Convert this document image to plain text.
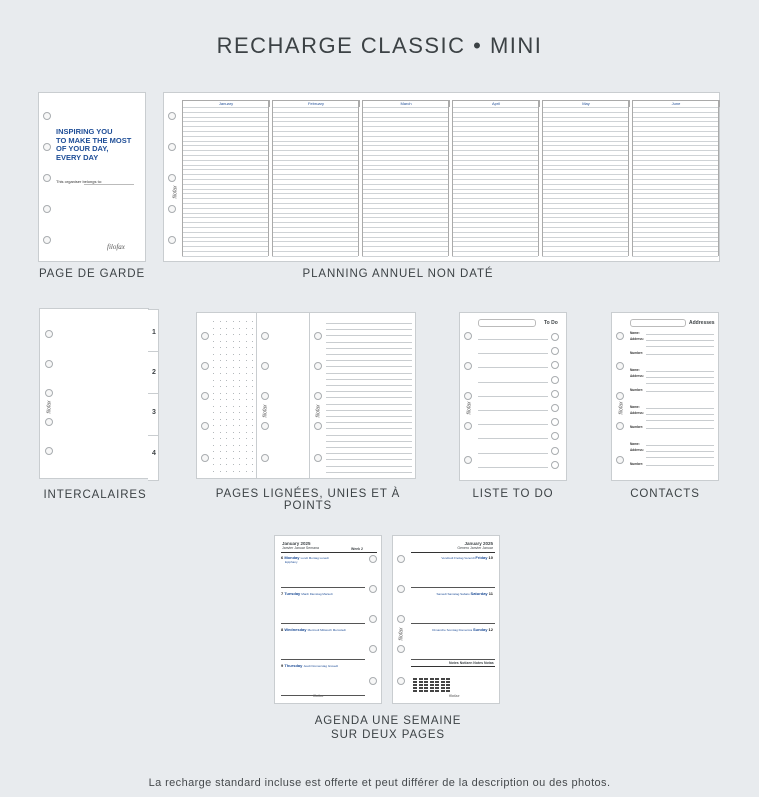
RECHARGE CLASSIC • MINI
INSPIRING YOU
TO MAKE THE MOST
OF YOUR DAY,
EVERY DAY
This organiser belongs to:
filofax
PAGE DE GARDE
filofax
January	February	March	April	May	June
PLANNING ANNUEL NON DATÉ
filofax
1
2
3
4
INTERCALAIRES
filofax	filofax
PAGES LIGNÉES, UNIES ET À POINTS
To Do
filofax
LISTE TO DO
Addresses
filofax
Name:
Address:
Number:
Name:
Address:
Number:
Name:
Address:
Number:
Name:
Address:
Number:
CONTACTS
January 2025
Janvier Januar Semana	Week 2
6 Monday Lundi Montag Lunedì
Epiphany
7 Tuesday Mardi Dienstag Martedì
8 Wednesday Mercredi Mittwoch Mercoledì
9 Thursday Jeudi Donnerstag Giovedì
January 2025
Genero Janvier Januar
filofax
Notes Notizen Notes Notas
filofax
Vendredi Freitag Venerdì Friday 10
Samedi Samstag Sabato Saturday 11
Dimanche Sonntag Domenica Sunday 12
AGENDA UNE SEMAINE
SUR DEUX PAGES
La recharge standard incluse est offerte et peut différer de la description ou des photos.
